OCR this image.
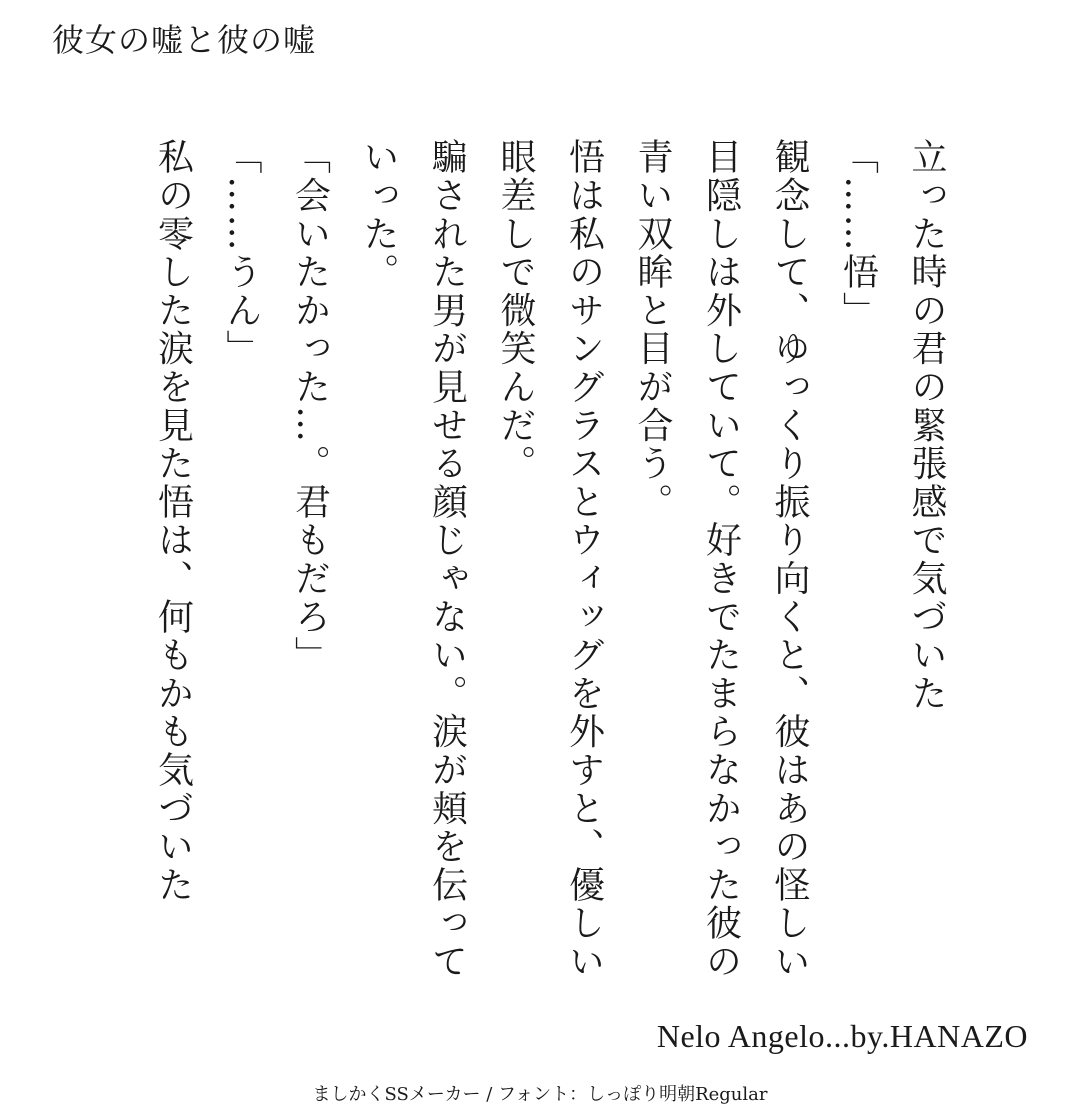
彼女の嘘と彼の嘘

立った時の君の緊張感で気づいた

「……悟」

観念して、ゆっくり振り向くと、彼はあの怪しい目隠しは外していて。好きでたまらなかった彼の青い双眸と目が合う。

悟は私のサングラスとウィッグを外すと、優しい眼差しで微笑んだ。

騙された男が見せる顔じゃない。涙が頬を伝っていった。

「会いたかった…。君もだろ」

「……うん」

私の零した涙を見た悟は、何もかも気づいた

Nelo Angelo...by.HANAZO
ましかくSSメーカー / フォント：しっぽり明朝Regular
